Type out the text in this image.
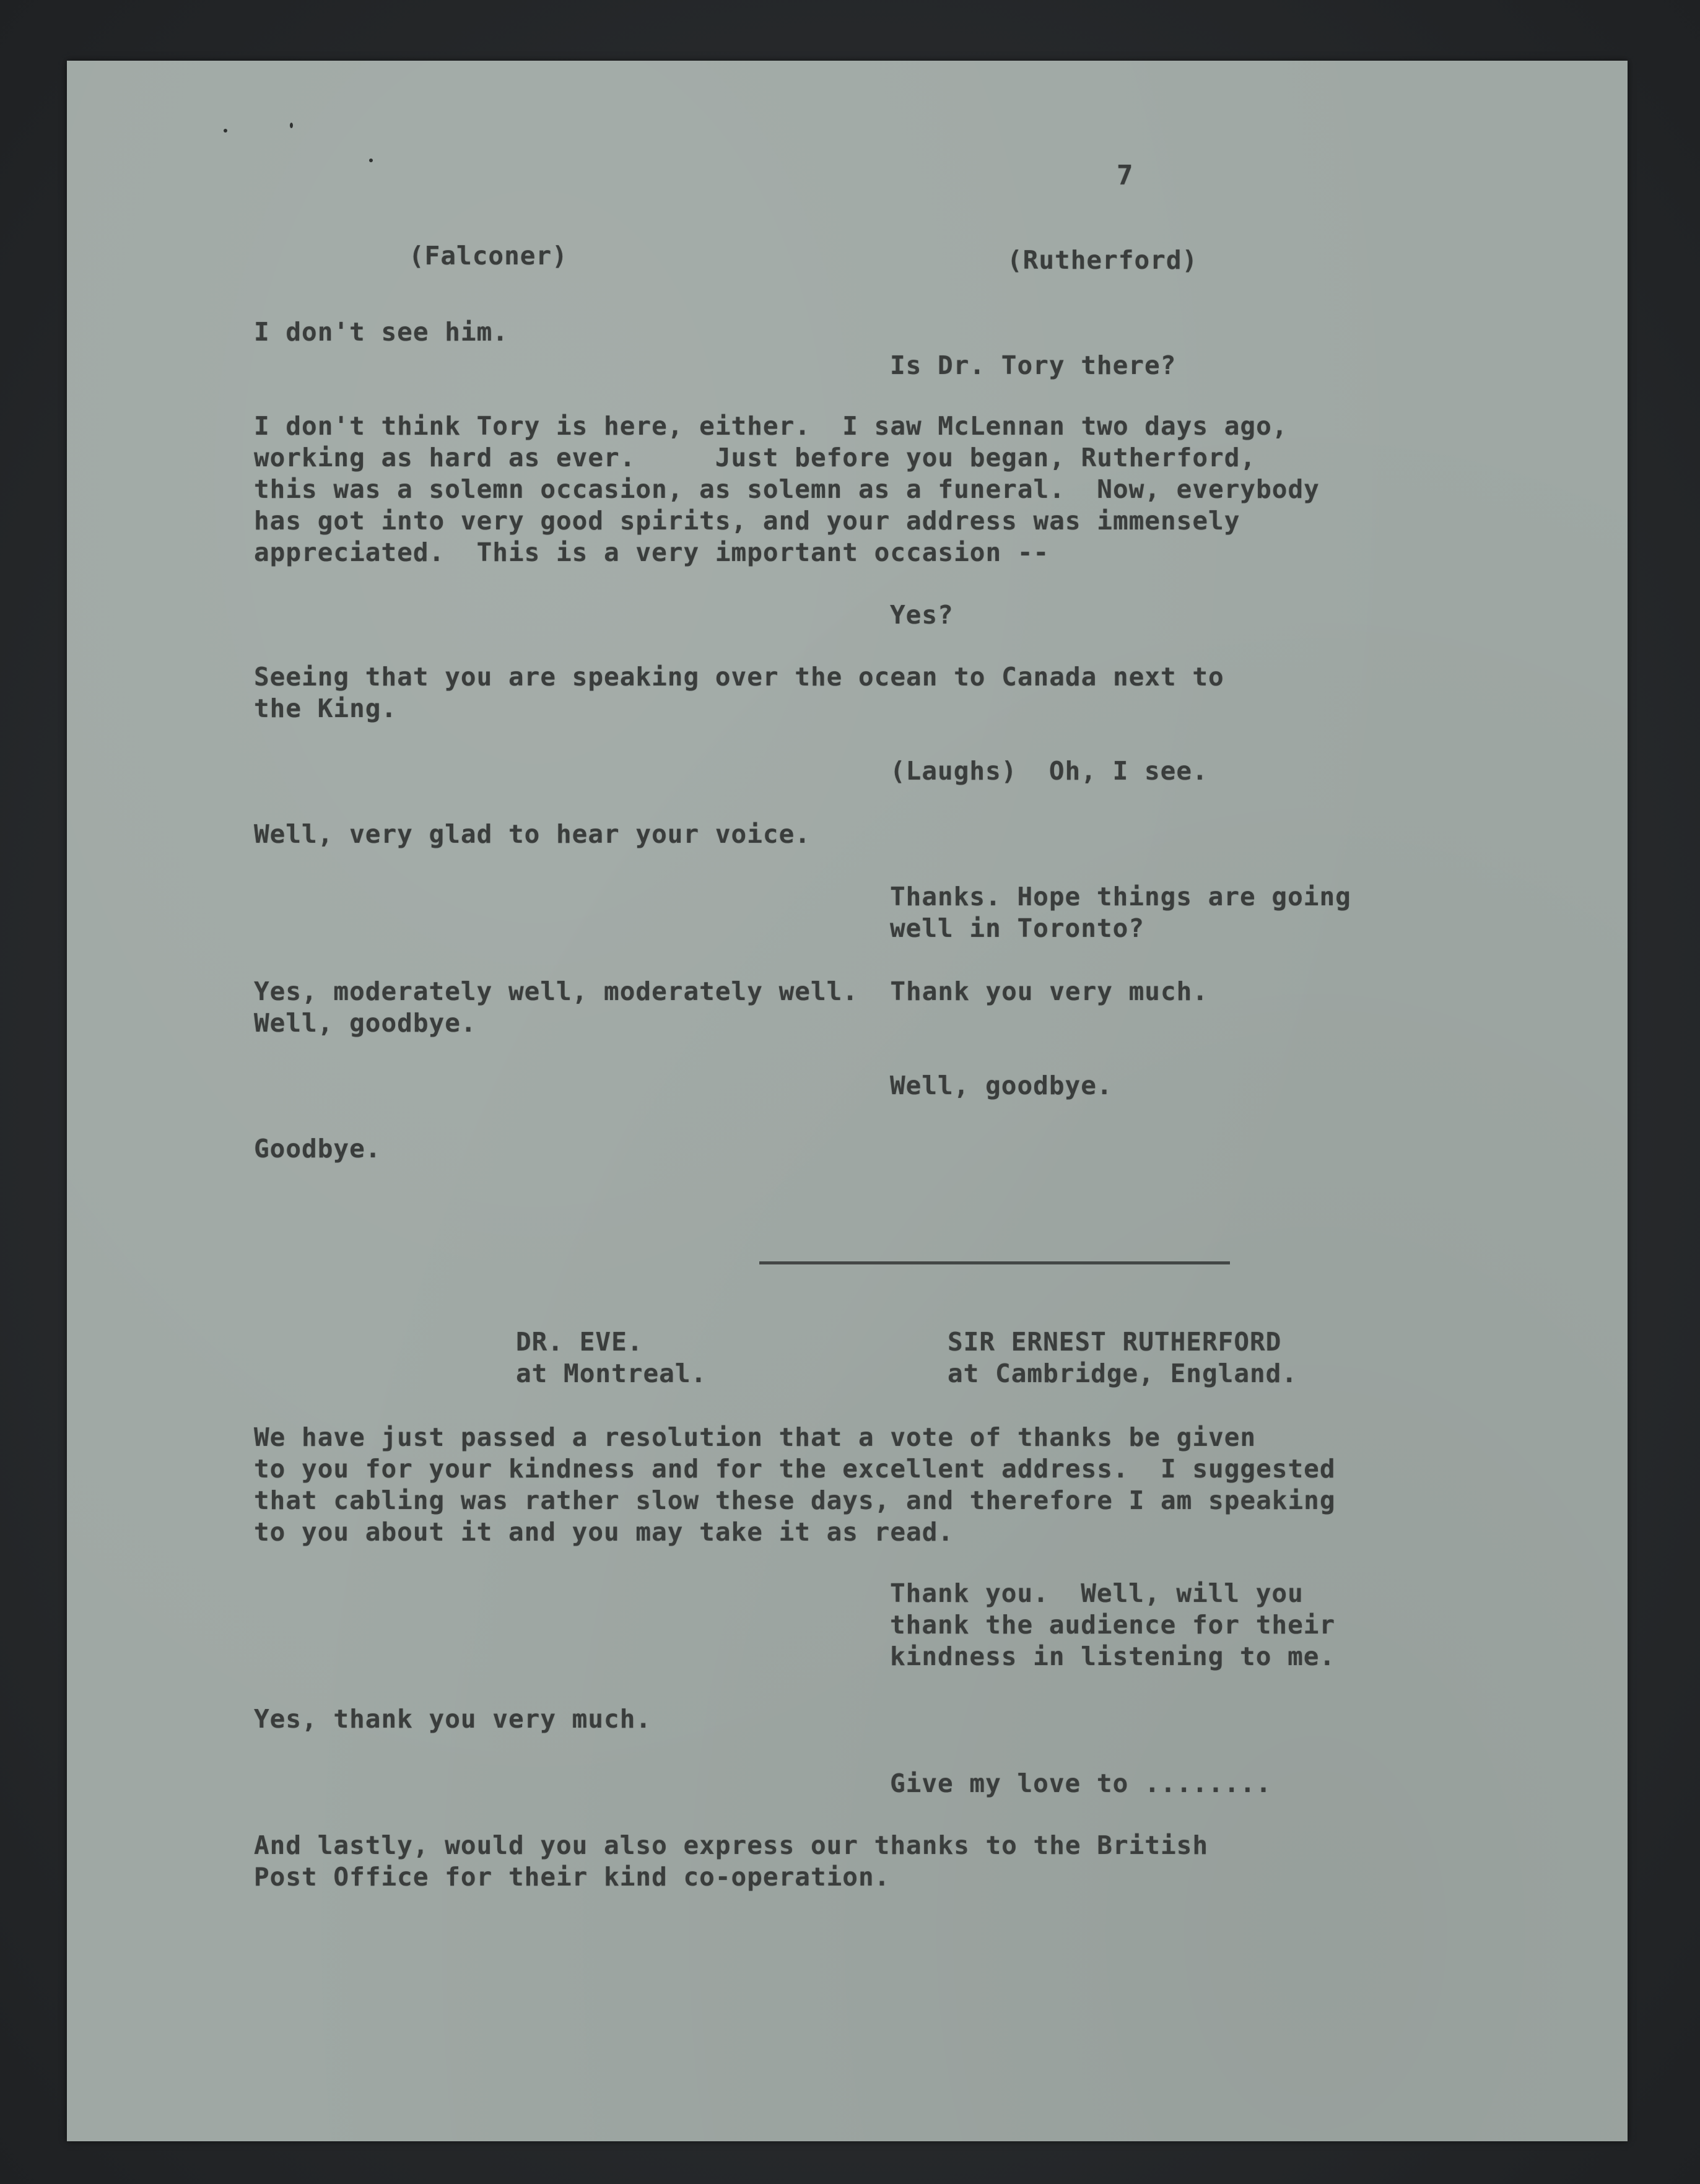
7
(Falconer)	(Rutherford)
I don't see him.
Is Dr. Tory there?
I don't think Tory is here, either.  I saw McLennan two days ago,
working as hard as ever.     Just before you began, Rutherford,
this was a solemn occasion, as solemn as a funeral.  Now, everybody
has got into very good spirits, and your address was immensely
appreciated.  This is a very important occasion --
Yes?
Seeing that you are speaking over the ocean to Canada next to
the King.
(Laughs)  Oh, I see.
Well, very glad to hear your voice.
Thanks. Hope things are going
well in Toronto?
Yes, moderately well, moderately well.  Thank you very much.
Well, goodbye.
Well, goodbye.
Goodbye.
DR. EVE.
at Montreal.
SIR ERNEST RUTHERFORD
at Cambridge, England.
We have just passed a resolution that a vote of thanks be given
to you for your kindness and for the excellent address.  I suggested
that cabling was rather slow these days, and therefore I am speaking
to you about it and you may take it as read.
Thank you.  Well, will you
thank the audience for their
kindness in listening to me.
Yes, thank you very much.
Give my love to ........
And lastly, would you also express our thanks to the British
Post Office for their kind co-operation.
